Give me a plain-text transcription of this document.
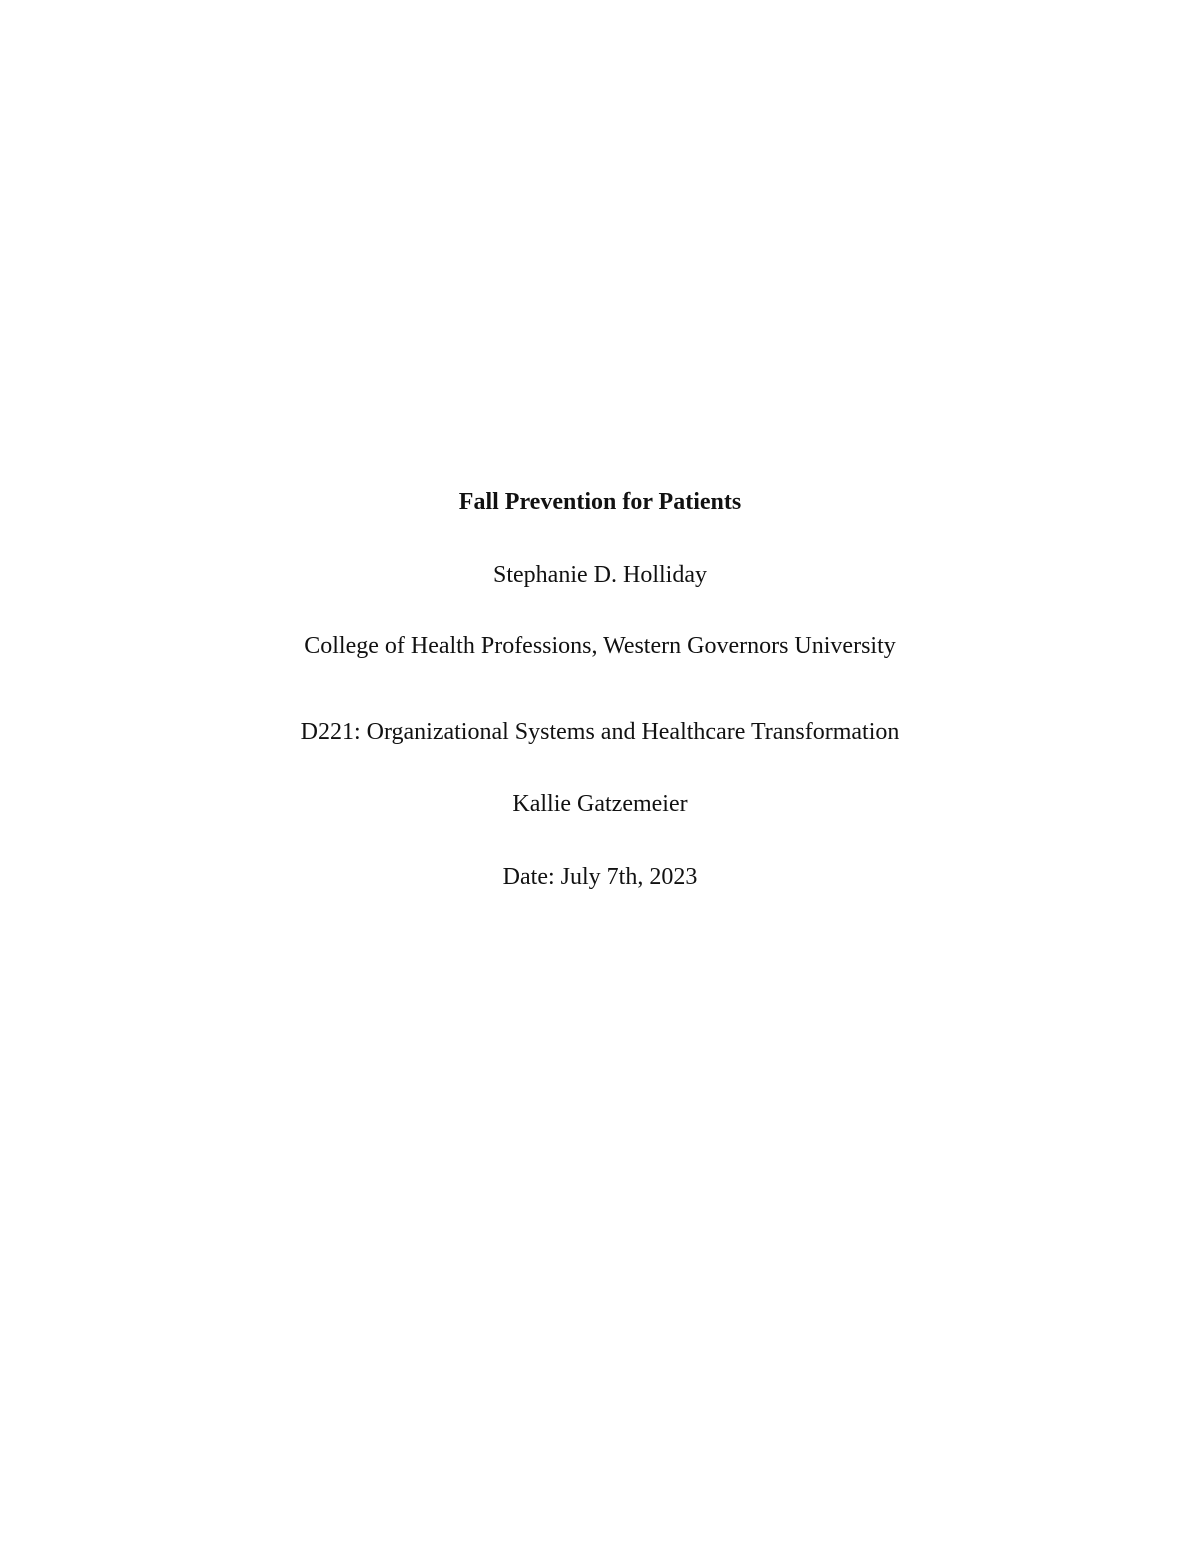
Fall Prevention for Patients
Stephanie D. Holliday
College of Health Professions, Western Governors University
D221: Organizational Systems and Healthcare Transformation
Kallie Gatzemeier
Date: July 7th, 2023
